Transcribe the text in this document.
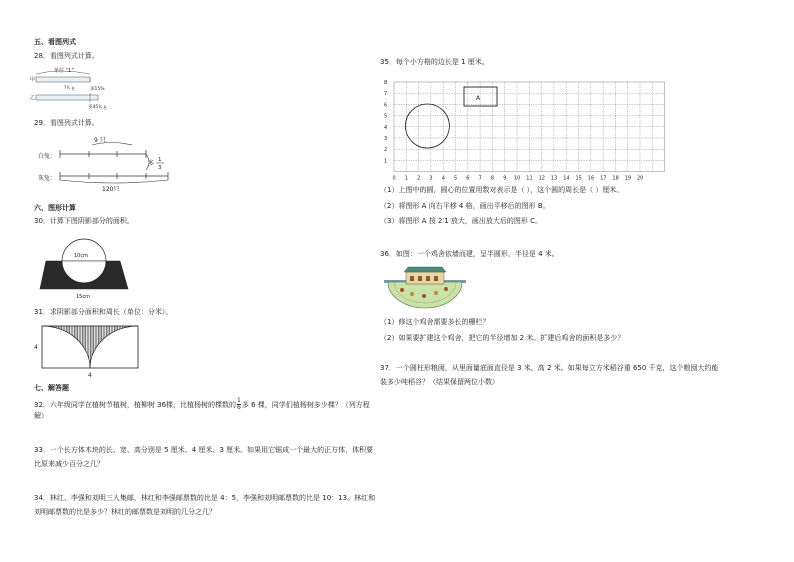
五、看图列式
28．看图列式计算。
单位 “1”
甲
?ｋｇ	多15%
乙
多45ｋｇ
29．看图列式计算。
9 只
白兔：
多 1
3
灰兔：
120只
六、图形计算
30．计算下图阴影部分的面积。
10cm
15cm
31．求阴影部分面积和周长（单位：分米）。
4
4
七、解答题
32．六年级同学在植树节植树，植柳树 36棵，比植杨树的棵数的 $\frac{1}{6}$ 多 6 棵，同学们植杨树多少棵？（列方程
解）
33．一个长方体木块的长、宽、高分别是 5 厘米、4 厘米、3 厘米。如果用它锯成一个最大的正方体，体积要
比原来减少百分之几？
34．林红、李强和刘明三人集邮，林红和李强邮票数的比是 4：5，李强和刘明邮票数的比是 10：13。林红和
刘明邮票数的比是多少？林红的邮票数是刘明的几分之几？
35．每个小方格的边长是 1 厘米。
8
7
6
5
4
3
2
1
0 1 2 3 4 5 6 7 8 9 10 11 12 13 14 15 16 17 18 19 20
A
（1）上图中的圆，圆心的位置用数对表示是（ ），这个圆的周长是（ ）厘米。
（2）将图形 A 向右平移 4 格，画出平移后的图形 B。
（3）将图形 A 按 2∶1 放大，画出放大后的图形 C。
36．如图：一个鸡舍依墙而建，呈半圆形，半径是 4 米。
（1）修这个鸡舍需要多长的栅栏？
（2）如果要扩建这个鸡舍，把它的半径增加 2 米。扩建后鸡舍的面积是多少？
37．一个圆柱形粮囤，从里面量底面直径是 3 米，高 2 米。如果每立方米稻谷重 650 千克，这个粮囤大约能
装多少吨稻谷？（结果保留两位小数）
